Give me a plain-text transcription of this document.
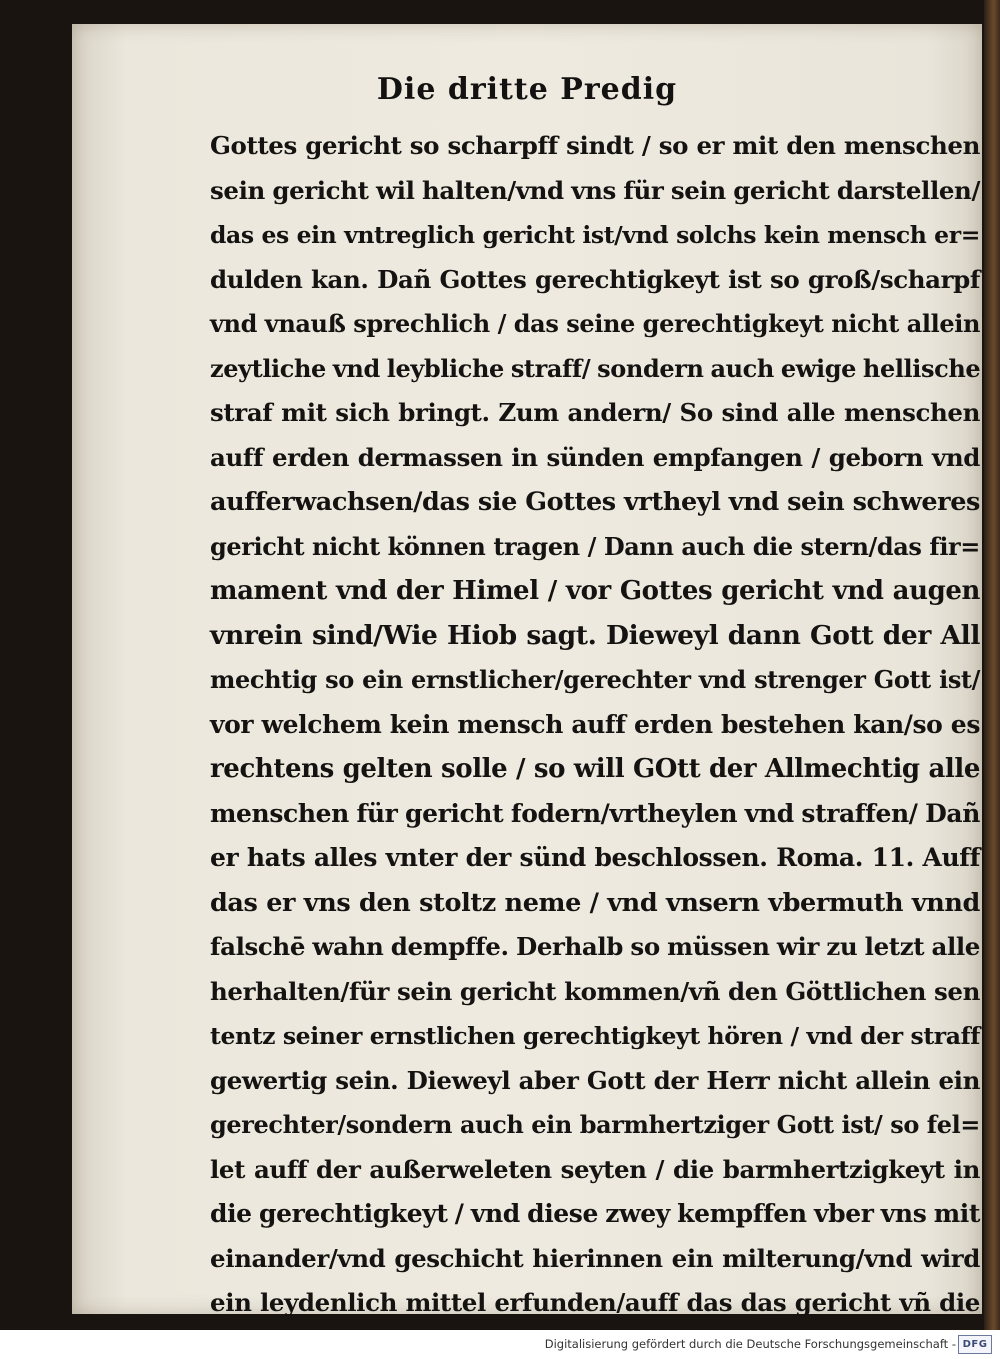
Die dritte Predig
Gottes gericht so scharpff sindt / so er mit den menschen
sein gericht wil halten/vnd vns für sein gericht darstellen/
das es ein vntreglich gericht ist/vnd solchs kein mensch er=
dulden kan. Dañ Gottes gerechtigkeyt ist so groß/scharpf
vnd vnauß sprechlich / das seine gerechtigkeyt nicht allein
zeytliche vnd leybliche straff/ sondern auch ewige hellische
straf mit sich bringt. Zum andern/ So sind alle menschen
auff erden dermassen in sünden empfangen / geborn vnd
aufferwachsen/das sie Gottes vrtheyl vnd sein schweres
gericht nicht können tragen / Dann auch die stern/das fir=
mament vnd der Himel / vor Gottes gericht vnd augen
vnrein sind/Wie Hiob sagt. Dieweyl dann Gott der All
mechtig so ein ernstlicher/gerechter vnd strenger Gott ist/
vor welchem kein mensch auff erden bestehen kan/so es
rechtens gelten solle / so will GOtt der Allmechtig alle
menschen für gericht fodern/vrtheylen vnd straffen/ Dañ
er hats alles vnter der sünd beschlossen. Roma. 11. Auff
das er vns den stoltz neme / vnd vnsern vbermuth vnnd
falschē wahn dempffe. Derhalb so müssen wir zu letzt alle
herhalten/für sein gericht kommen/vñ den Göttlichen sen
tentz seiner ernstlichen gerechtigkeyt hören / vnd der straff
gewertig sein. Dieweyl aber Gott der Herr nicht allein ein
gerechter/sondern auch ein barmhertziger Gott ist/ so fel=
let auff der außerweleten seyten / die barmhertzigkeyt in
die gerechtigkeyt / vnd diese zwey kempffen vber vns mit
einander/vnd geschicht hierinnen ein milterung/vnd wird
ein leydenlich mittel erfunden/auff das das gericht vñ die
Digitalisierung gefördert durch die Deutsche Forschungsgemeinschaft - DFG
